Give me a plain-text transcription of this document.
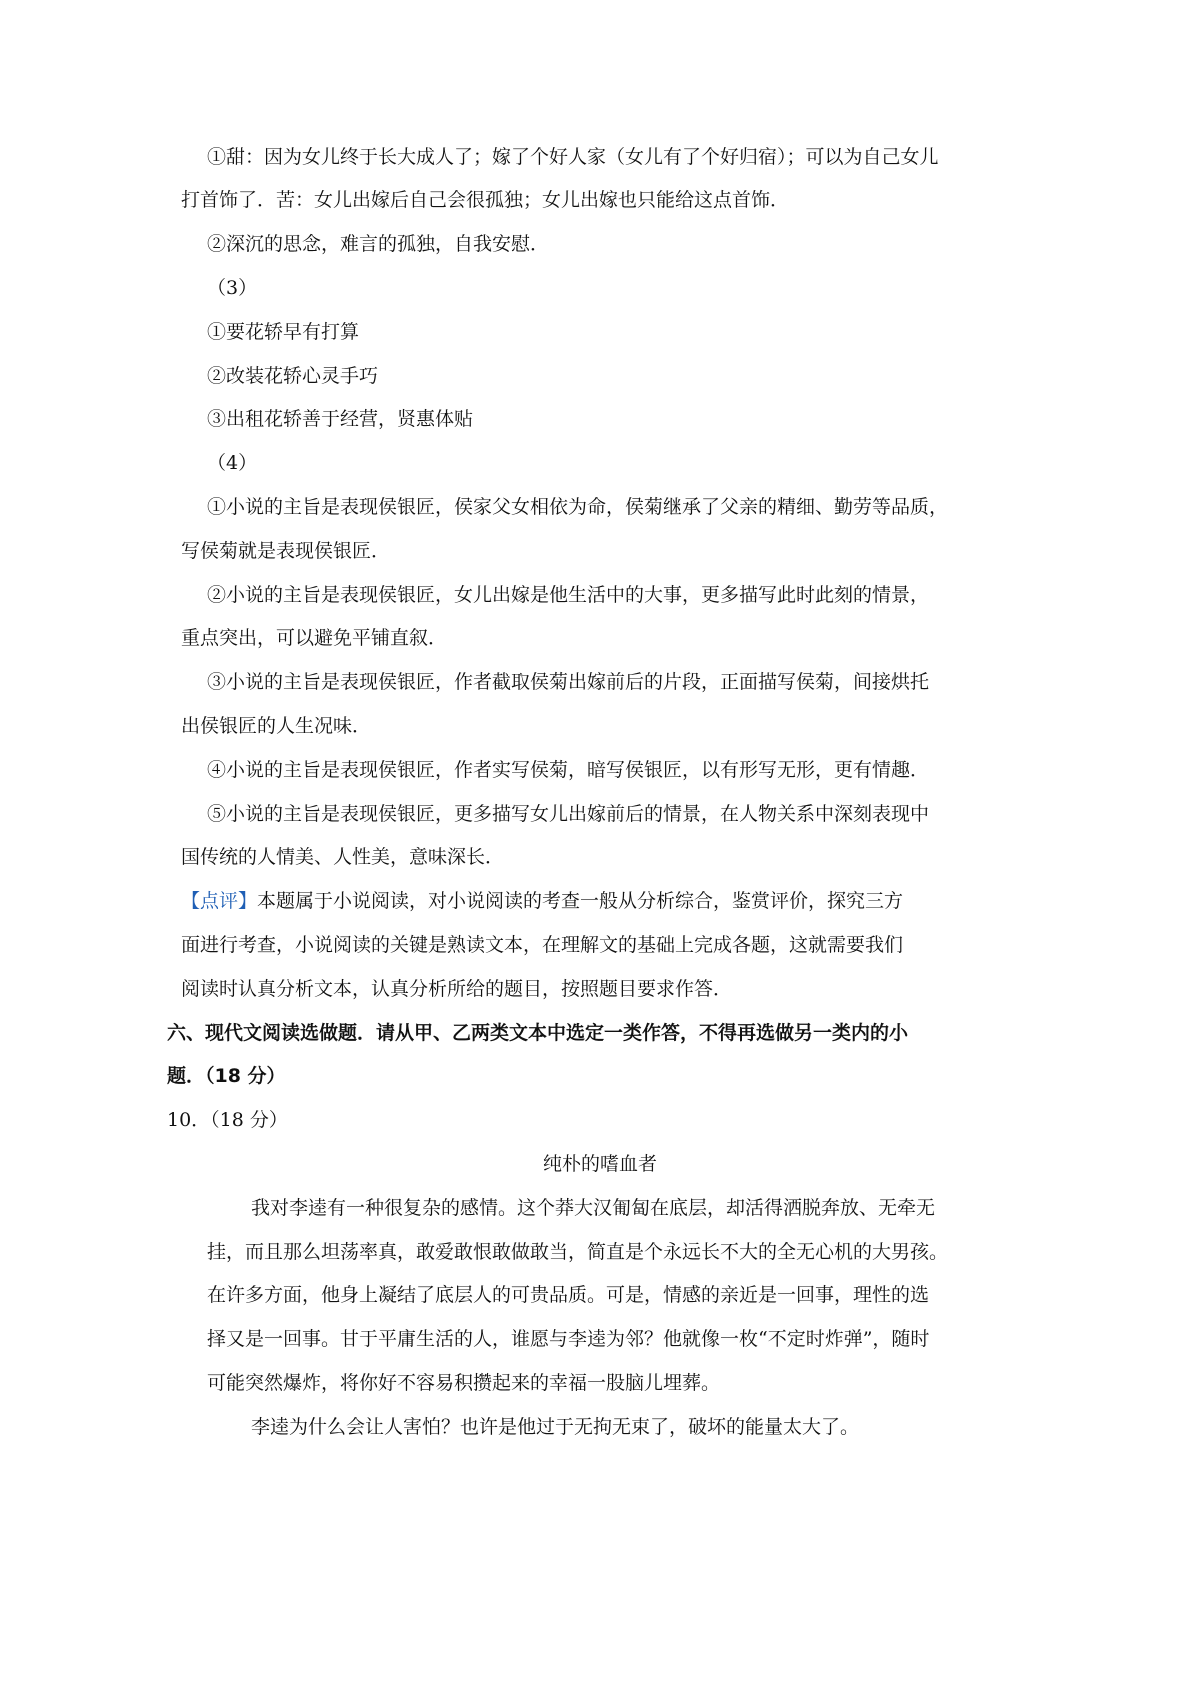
①甜：因为女儿终于长大成人了；嫁了个好人家（女儿有了个好归宿）；可以为自己女儿
打首饰了．苦：女儿出嫁后自己会很孤独；女儿出嫁也只能给这点首饰．
②深沉的思念，难言的孤独，自我安慰．
（3）
①要花轿早有打算
②改装花轿心灵手巧
③出租花轿善于经营，贤惠体贴
（4）
①小说的主旨是表现侯银匠，侯家父女相依为命，侯菊继承了父亲的精细、勤劳等品质，
写侯菊就是表现侯银匠．
②小说的主旨是表现侯银匠，女儿出嫁是他生活中的大事，更多描写此时此刻的情景，
重点突出，可以避免平铺直叙．
③小说的主旨是表现侯银匠，作者截取侯菊出嫁前后的片段，正面描写侯菊，间接烘托
出侯银匠的人生况味．
④小说的主旨是表现侯银匠，作者实写侯菊，暗写侯银匠，以有形写无形，更有情趣．
⑤小说的主旨是表现侯银匠，更多描写女儿出嫁前后的情景，在人物关系中深刻表现中
国传统的人情美、人性美，意味深长．
【点评】本题属于小说阅读，对小说阅读的考查一般从分析综合，鉴赏评价，探究三方
面进行考查，小说阅读的关键是熟读文本，在理解文的基础上完成各题，这就需要我们
阅读时认真分析文本，认真分析所给的题目，按照题目要求作答．
六、现代文阅读选做题．请从甲、乙两类文本中选定一类作答，不得再选做另一类内的小
题．（18 分）
10．（18 分）
纯朴的嗜血者
我对李逵有一种很复杂的感情。这个莽大汉匍匐在底层，却活得洒脱奔放、无牵无
挂，而且那么坦荡率真，敢爱敢恨敢做敢当，简直是个永远长不大的全无心机的大男孩。
在许多方面，他身上凝结了底层人的可贵品质。可是，情感的亲近是一回事，理性的选
择又是一回事。甘于平庸生活的人，谁愿与李逵为邻？他就像一枚“不定时炸弹”，随时
可能突然爆炸，将你好不容易积攒起来的幸福一股脑儿埋葬。
李逵为什么会让人害怕？也许是他过于无拘无束了，破坏的能量太大了。
